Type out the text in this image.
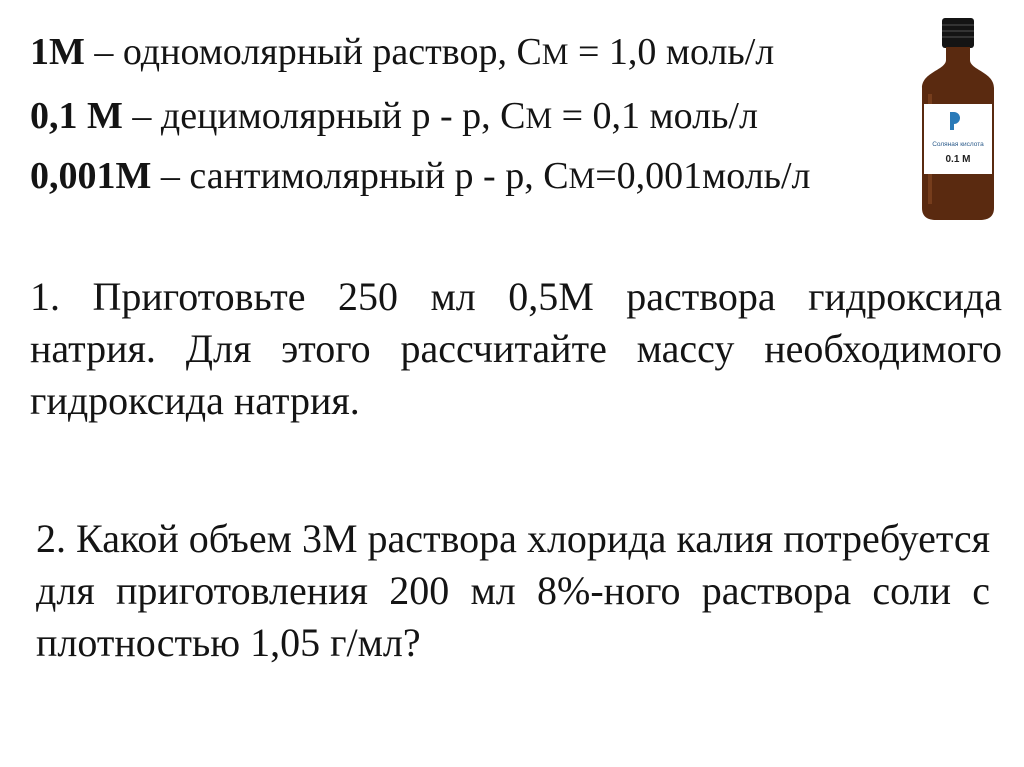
1М – одномолярный раствор, СМ = 1,0 моль/л
0,1 М – децимолярный р - р, СМ = 0,1 моль/л
0,001М – сантимолярный р - р, СМ=0,001моль/л
1. Приготовьте 250 мл 0,5М раствора гидроксида натрия. Для этого рассчитайте массу необходимого гидроксида натрия.
2. Какой объем 3М раствора хлорида калия потребуется для приготовления 200 мл 8%-ного раствора соли с плотностью 1,05 г/мл?
Соляная кислота
0.1 M
